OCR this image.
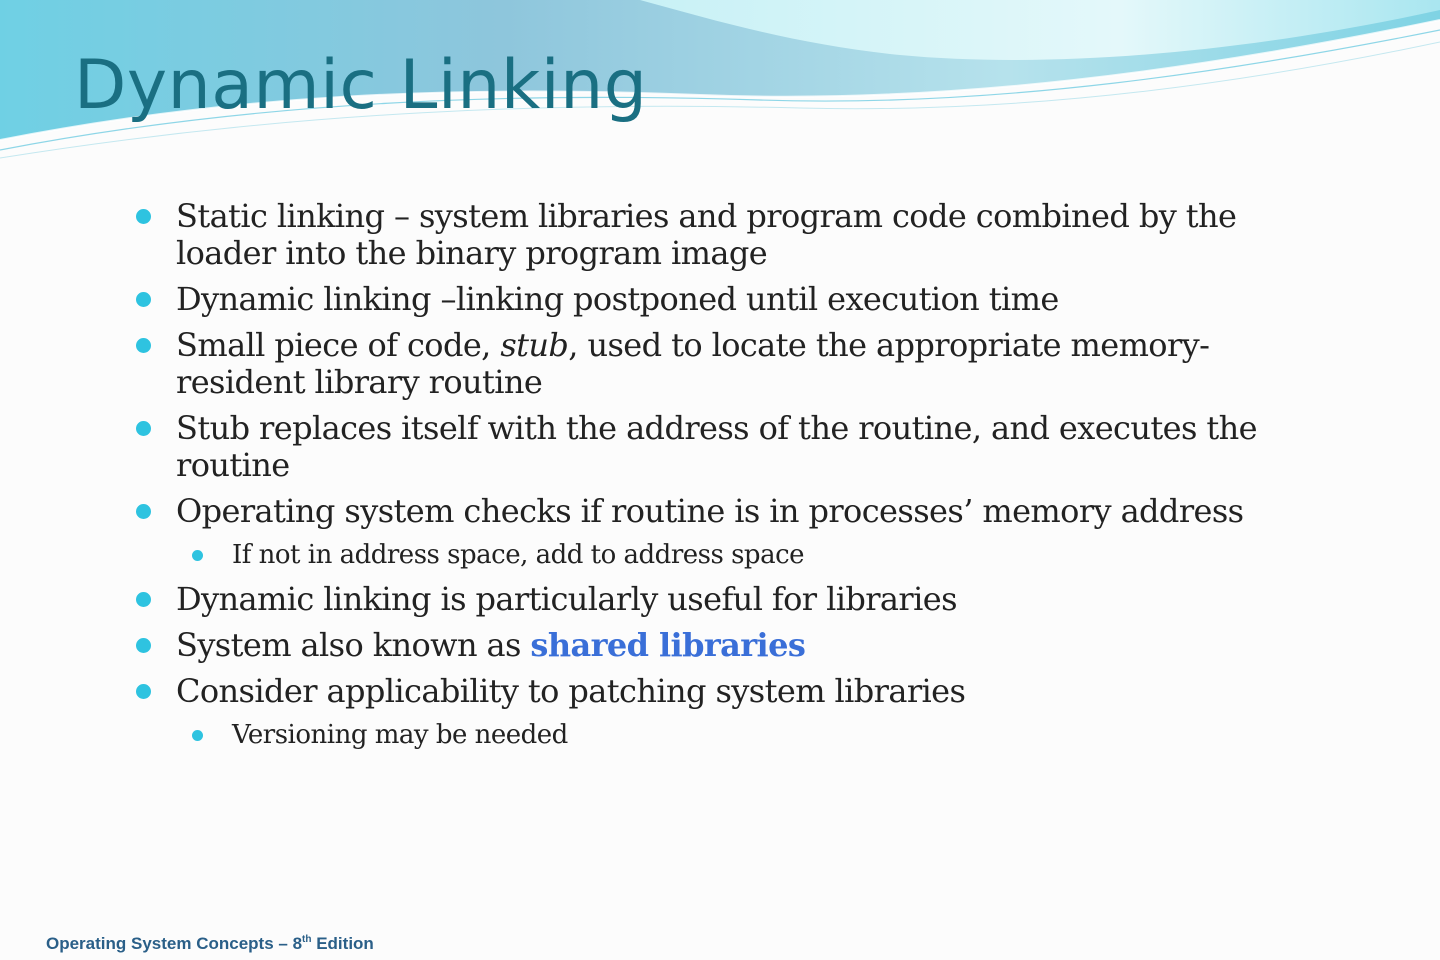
Dynamic Linking
Static linking – system libraries and program code combined by the loader into the binary program image
Dynamic linking –linking postponed until execution time
Small piece of code, stub, used to locate the appropriate memory-resident library routine
Stub replaces itself with the address of the routine, and executes the routine
Operating system checks if routine is in processes’ memory address
If not in address space, add to address space
Dynamic linking is particularly useful for libraries
System also known as shared libraries
Consider applicability to patching system libraries
Versioning may be needed
Operating System Concepts – 8th Edition
